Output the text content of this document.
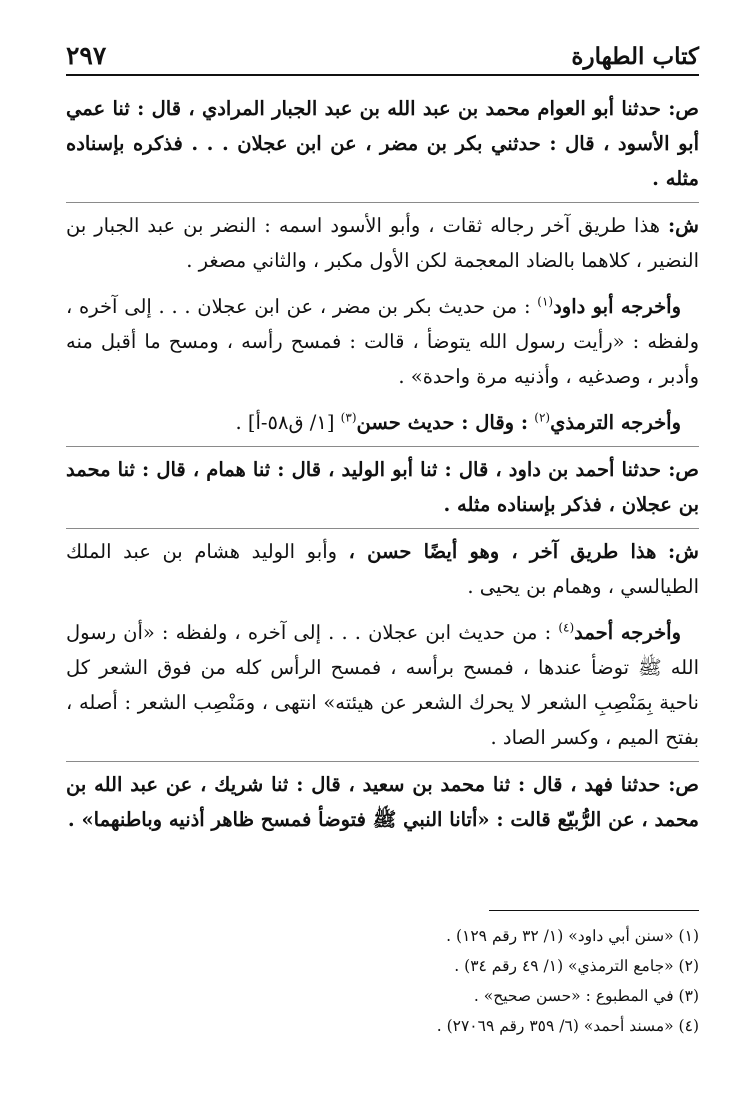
كتاب الطهارة
٢٩٧

ص: حدثنا أبو العوام محمد بن عبد الله بن عبد الجبار المرادي ، قال : ثنا عمي أبو الأسود ، قال : حدثني بكر بن مضر ، عن ابن عجلان . . . فذكره بإسناده مثله .

ش: هذا طريق آخر رجاله ثقات ، وأبو الأسود اسمه : النضر بن عبد الجبار بن النضير ، كلاهما بالضاد المعجمة لكن الأول مكبر ، والثاني مصغر .

وأخرجه أبو داود$^{(١)}$ : من حديث بكر بن مضر ، عن ابن عجلان . . . إلى آخره ، ولفظه : «رأيت رسول الله يتوضأ ، قالت : فمسح رأسه ، ومسح ما أقبل منه وأدبر ، وصدغيه ، وأذنيه مرة واحدة» .

وأخرجه الترمذي$^{(٢)}$ : وقال : حديث حسن$^{(٣)}$ [١/ ق٥٨-أ] .

ص: حدثنا أحمد بن داود ، قال : ثنا أبو الوليد ، قال : ثنا همام ، قال : ثنا محمد بن عجلان ، فذكر بإسناده مثله .

ش: هذا طريق آخر ، وهو أيضًا حسن ، وأبو الوليد هشام بن عبد الملك الطيالسي ، وهمام بن يحيى .

وأخرجه أحمد$^{(٤)}$ : من حديث ابن عجلان . . . إلى آخره ، ولفظه : «أن رسول الله ﷺ توضأ عندها ، فمسح برأسه ، فمسح الرأس كله من فوق الشعر كل ناحية بِمَنْصِبِ الشعر لا يحرك الشعر عن هيئته» انتهى ، ومَنْصِب الشعر : أصله ، بفتح الميم ، وكسر الصاد .

ص: حدثنا فهد ، قال : ثنا محمد بن سعيد ، قال : ثنا شريك ، عن عبد الله بن محمد ، عن الرُّبيّع قالت : «أتانا النبي ﷺ فتوضأ فمسح ظاهر أذنيه وباطنهما» .

(١) «سنن أبي داود» (١/ ٣٢ رقم ١٢٩) .
(٢) «جامع الترمذي» (١/ ٤٩ رقم ٣٤) .
(٣) في المطبوع : «حسن صحيح» .
(٤) «مسند أحمد» (٦/ ٣٥٩ رقم ٢٧٠٦٩) .
